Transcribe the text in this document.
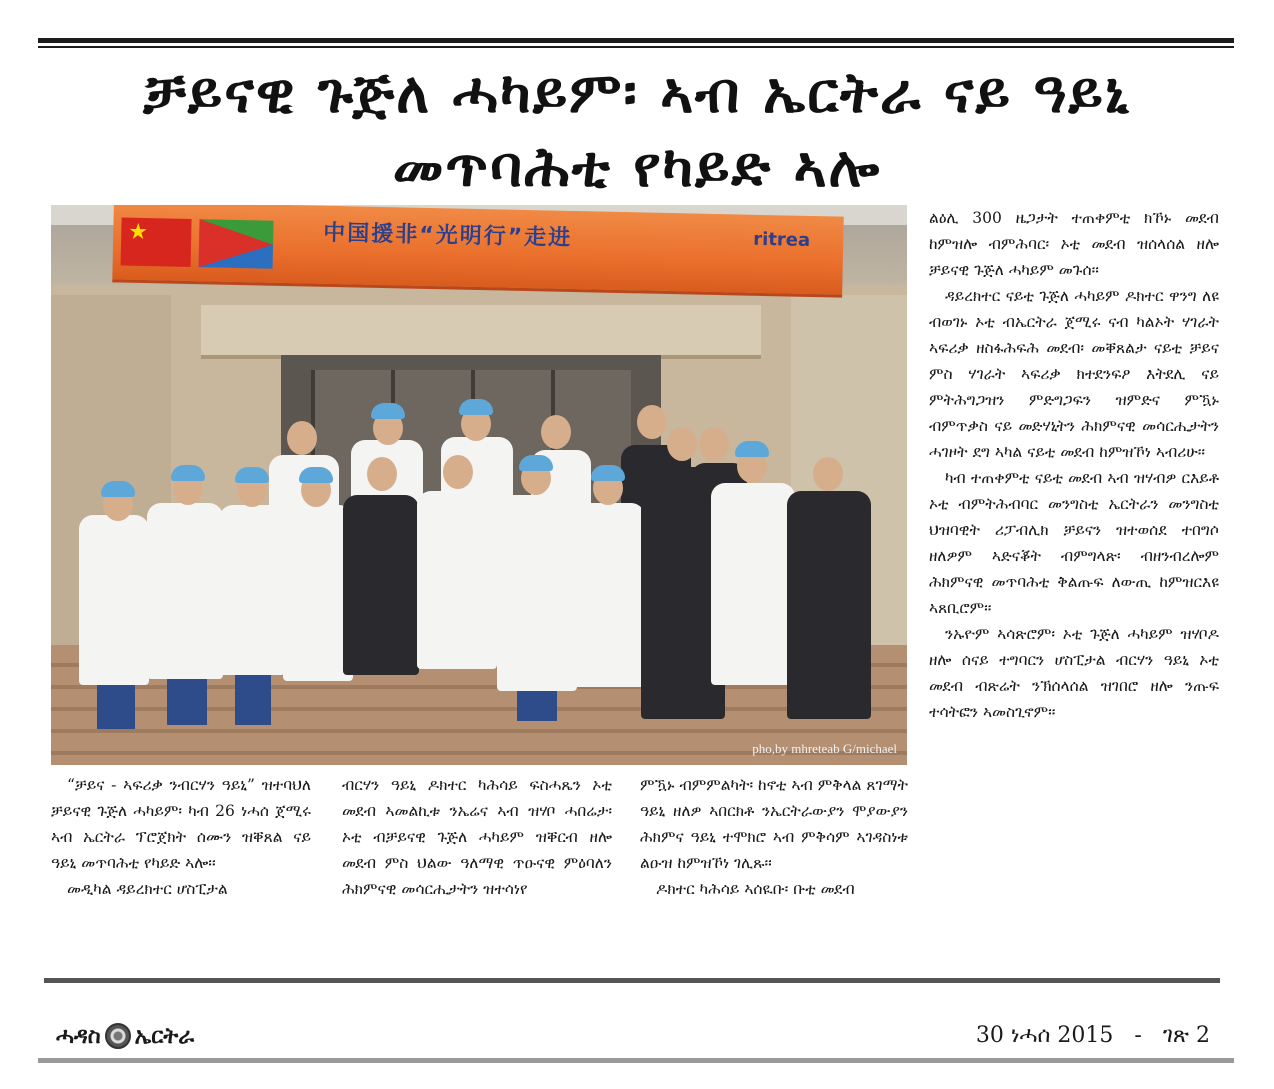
ቻይናዊ ጉጅለ ሓካይም፡ ኣብ ኤርትራ ናይ ዓይኒ
መጥባሕቲ የካይድ ኣሎ
★
中国援非“光明行”走进	ritrea
pho,by mhreteab G/michael

ልዕሊ 300 ዜጋታት ተጠቀምቲ ክኾኑ መደብ ከምዝሎ ብምሕባር፡ ኦቲ መደብ ዝሰላሰል ዘሎ ቻይናዊ ጉጅለ ሓካይም መጉሰ፡፡

ዳይረክተር ናይቲ ጉጅለ ሓካይም ዶክተር ዋንግ ለዩ ብወገኑ ኦቲ ብኤርትራ ጀሚሩ ናብ ካልኦት ሃገራት ኣፍሪቃ ዘስፋሕፍሕ መደብ፡ መቐጸልታ ናይቲ ቻይና ምስ ሃገራት ኣፍሪቃ ክተደንፍዖ እትደሊ ናይ ምትሕግጋዝን ምድግጋፍን ዝምድና ምዃኑ ብምጥቃስ ናይ መድሃኒትን ሕክምናዊ መሳርሒታትን ሓገዞት ደግ ኣካል ናይቲ መደብ ከምዝኾነ ኣብሪሁ፡፡

ካብ ተጠቀምቲ ናይቲ መደብ ኣብ ዝሃብዎ ርእይቶ ኦቲ ብምትሕብባር መንግስቲ ኤርትራን መንግስቲ ህዝባዊት ሪፓብሊክ ቻይናን ዝተወሰደ ተበግሶ ዘለዎም ኣድናቖት ብምግላጽ፡ ብዘንብረሎም ሕክምናዊ መጥባሕቲ ቅልጡፍ ለውጢ ከምዝርእዩ ኣጸቢሮም፡፡

ንኡዮም ኣሳጽሮም፡ ኦቲ ጉጅለ ሓካይም ዝሃቦዶ ዘሎ ሰናይ ተግባርን ሆስፒታል ብርሃን ዓይኒ ኦቲ መደብ ብጽሬት ንኽሰላሰል ዝገበሮ ዘሎ ንጡፍ ተሳትፎን ኣመስጊኖም፡፡

“ቻይና - ኣፍሪቃ ንብርሃን ዓይኒ” ዝተባህለ ቻይናዊ ጉጅለ ሓካይም፡ ካብ 26 ነሓሰ ጀሚሩ ኣብ ኤርትራ ፕሮጀክት ሰሙን ዝቐጸል ናይ ዓይኒ መጥባሕቲ የካይድ ኣሎ፡፡

መዲካል ዳይረክተር ሆስፒታል

ብርሃን ዓይኒ ዶክተር ካሕሳይ ፍስሓጼን ኦቲ መደብ ኣመልኪቱ ንኤሬና ኣብ ዝሃቦ ሓበሬታ፡ ኦቲ ብቻይናዊ ጉጅለ ሓካይም ዝቐርብ ዘሎ መደብ ምስ ህልው ዓለማዊ ጥዑናዊ ምዕባለን ሕክምናዊ መሳርሒታትን ዝተሳነየ

ምዃኑ ብምምልካት፡ ከኖቲ ኣብ ምቅላል ጸገማት ዓይኒ ዘለዎ ኣበርክቶ ንኤርትራውያን ሞያውያን ሕክምና ዓይኒ ተሞክሮ ኣብ ምቅሳም ኣገዳስነቱ ልዑዝ ከምዝኾነ ገሊጹ፡፡

ዶክተር ካሕሳይ ኣሰዪቡ፡ ቡቲ መደብ

ሓዳስ ኤርትራ	30 ነሓሰ 2015 - ገጽ 2
